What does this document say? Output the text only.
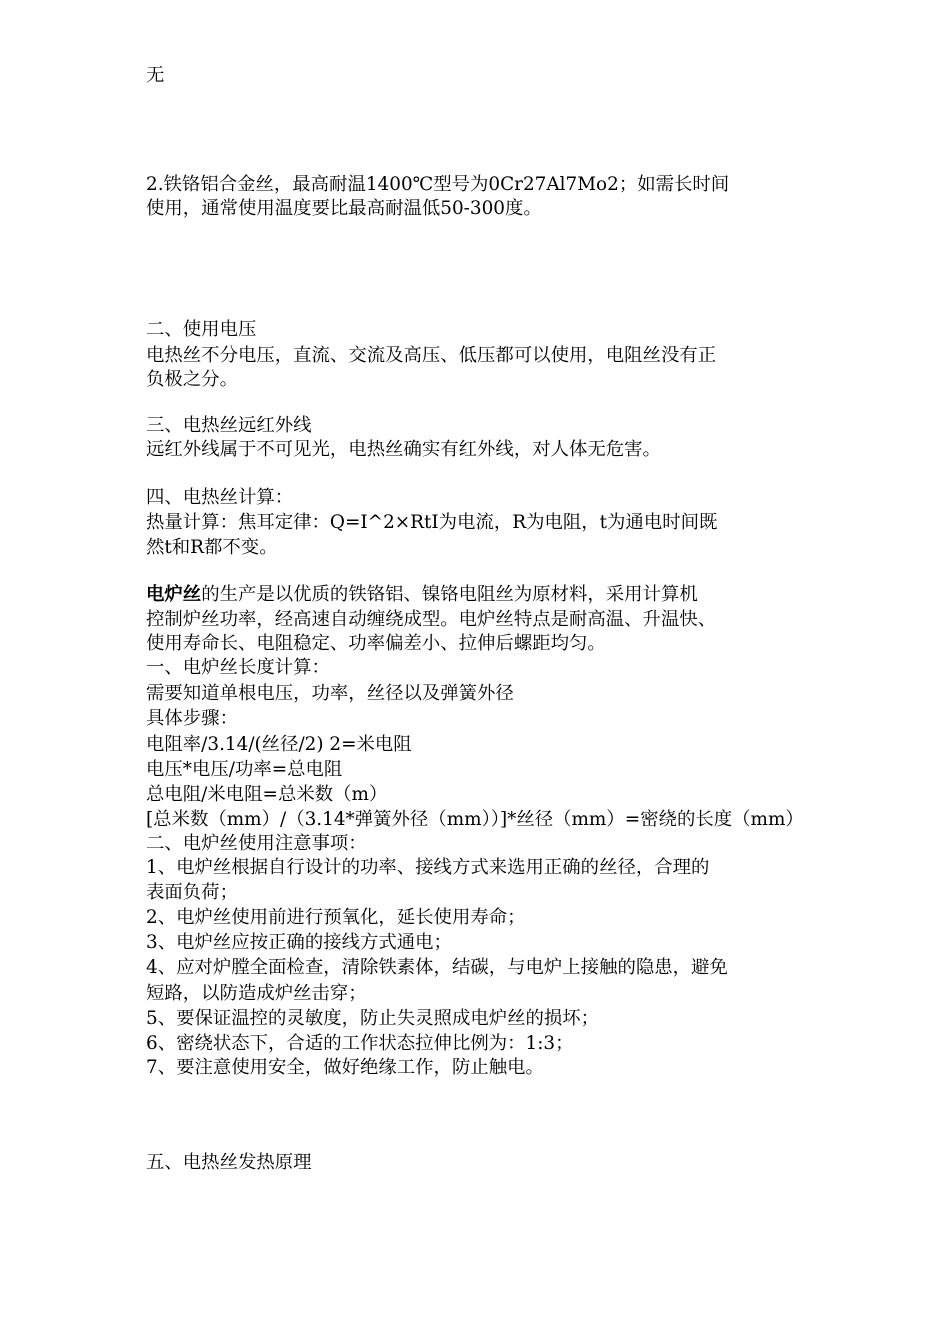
无
2.铁铬铝合金丝，最高耐温1400℃型号为0Cr27Al7Mo2；如需长时间
使用，通常使用温度要比最高耐温低50-300度。
二、使用电压
电热丝不分电压，直流、交流及高压、低压都可以使用，电阻丝没有正
负极之分。
三、电热丝远红外线
远红外线属于不可见光，电热丝确实有红外线，对人体无危害。
四、电热丝计算：
热量计算：焦耳定律：Q=I^2×RtI为电流，R为电阻，t为通电时间既
然t和R都不变。
电炉丝的生产是以优质的铁铬铝、镍铬电阻丝为原材料，采用计算机
控制炉丝功率，经高速自动缠绕成型。电炉丝特点是耐高温、升温快、
使用寿命长、电阻稳定、功率偏差小、拉伸后螺距均匀。
一、电炉丝长度计算：
需要知道单根电压，功率，丝径以及弹簧外径
具体步骤：
电阻率/3.14/(丝径/2) 2=米电阻
电压*电压/功率=总电阻
总电阻/米电阻=总米数（m）
[总米数（mm）/（3.14*弹簧外径（mm））]*丝径（mm）=密绕的长度（mm）
二、电炉丝使用注意事项：
1、电炉丝根据自行设计的功率、接线方式来选用正确的丝径，合理的
表面负荷；
2、电炉丝使用前进行预氧化，延长使用寿命；
3、电炉丝应按正确的接线方式通电；
4、应对炉膛全面检查，清除铁素体，结碳，与电炉上接触的隐患，避免
短路，以防造成炉丝击穿；
5、要保证温控的灵敏度，防止失灵照成电炉丝的损坏；
6、密绕状态下，合适的工作状态拉伸比例为：1:3；
7、要注意使用安全，做好绝缘工作，防止触电。
五、电热丝发热原理
